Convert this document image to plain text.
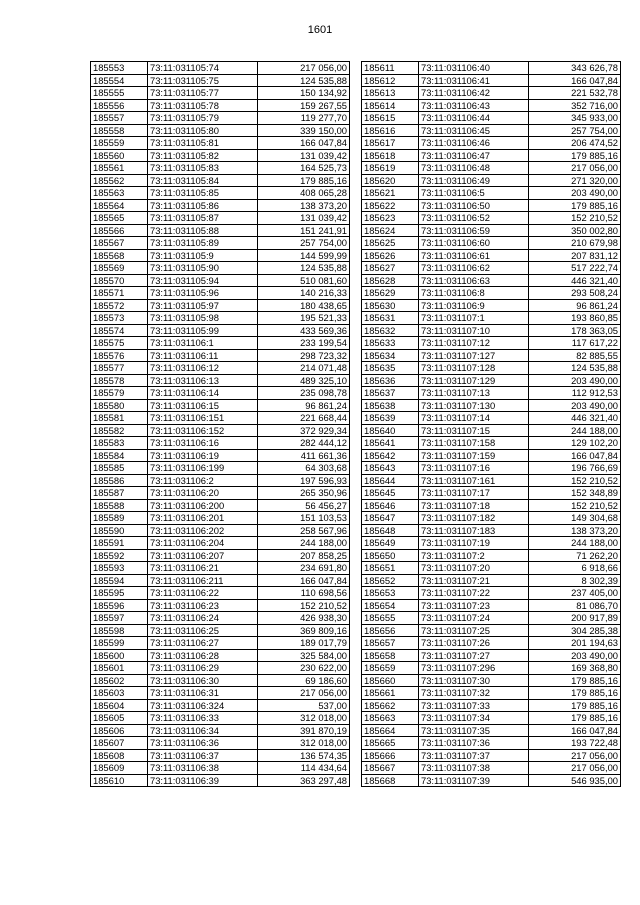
1601
185553	73:11:031105:74	217 056,00
185554	73:11:031105:75	124 535,88
185555	73:11:031105:77	150 134,92
185556	73:11:031105:78	159 267,55
185557	73:11:031105:79	119 277,70
185558	73:11:031105:80	339 150,00
185559	73:11:031105:81	166 047,84
185560	73:11:031105:82	131 039,42
185561	73:11:031105:83	164 525,73
185562	73:11:031105:84	179 885,16
185563	73:11:031105:85	408 065,28
185564	73:11:031105:86	138 373,20
185565	73:11:031105:87	131 039,42
185566	73:11:031105:88	151 241,91
185567	73:11:031105:89	257 754,00
185568	73:11:031105:9	144 599,99
185569	73:11:031105:90	124 535,88
185570	73:11:031105:94	510 081,60
185571	73:11:031105:96	140 216,33
185572	73:11:031105:97	180 438,65
185573	73:11:031105:98	195 521,33
185574	73:11:031105:99	433 569,36
185575	73:11:031106:1	233 199,54
185576	73:11:031106:11	298 723,32
185577	73:11:031106:12	214 071,48
185578	73:11:031106:13	489 325,10
185579	73:11:031106:14	235 098,78
185580	73:11:031106:15	96 861,24
185581	73:11:031106:151	221 668,44
185582	73:11:031106:152	372 929,34
185583	73:11:031106:16	282 444,12
185584	73:11:031106:19	411 661,36
185585	73:11:031106:199	64 303,68
185586	73:11:031106:2	197 596,93
185587	73:11:031106:20	265 350,96
185588	73:11:031106:200	56 456,27
185589	73:11:031106:201	151 103,53
185590	73:11:031106:202	258 567,96
185591	73:11:031106:204	244 188,00
185592	73:11:031106:207	207 858,25
185593	73:11:031106:21	234 691,80
185594	73:11:031106:211	166 047,84
185595	73:11:031106:22	110 698,56
185596	73:11:031106:23	152 210,52
185597	73:11:031106:24	426 938,30
185598	73:11:031106:25	369 809,16
185599	73:11:031106:27	189 017,79
185600	73:11:031106:28	325 584,00
185601	73:11:031106:29	230 622,00
185602	73:11:031106:30	69 186,60
185603	73:11:031106:31	217 056,00
185604	73:11:031106:324	537,00
185605	73:11:031106:33	312 018,00
185606	73:11:031106:34	391 870,19
185607	73:11:031106:36	312 018,00
185608	73:11:031106:37	136 574,35
185609	73:11:031106:38	114 434,64
185610	73:11:031106:39	363 297,48
185611	73:11:031106:40	343 626,78
185612	73:11:031106:41	166 047,84
185613	73:11:031106:42	221 532,78
185614	73:11:031106:43	352 716,00
185615	73:11:031106:44	345 933,00
185616	73:11:031106:45	257 754,00
185617	73:11:031106:46	206 474,52
185618	73:11:031106:47	179 885,16
185619	73:11:031106:48	217 056,00
185620	73:11:031106:49	271 320,00
185621	73:11:031106:5	203 490,00
185622	73:11:031106:50	179 885,16
185623	73:11:031106:52	152 210,52
185624	73:11:031106:59	350 002,80
185625	73:11:031106:60	210 679,98
185626	73:11:031106:61	207 831,12
185627	73:11:031106:62	517 222,74
185628	73:11:031106:63	446 321,40
185629	73:11:031106:8	293 508,24
185630	73:11:031106:9	96 861,24
185631	73:11:031107:1	193 860,85
185632	73:11:031107:10	178 363,05
185633	73:11:031107:12	117 617,22
185634	73:11:031107:127	82 885,55
185635	73:11:031107:128	124 535,88
185636	73:11:031107:129	203 490,00
185637	73:11:031107:13	112 912,53
185638	73:11:031107:130	203 490,00
185639	73:11:031107:14	446 321,40
185640	73:11:031107:15	244 188,00
185641	73:11:031107:158	129 102,20
185642	73:11:031107:159	166 047,84
185643	73:11:031107:16	196 766,69
185644	73:11:031107:161	152 210,52
185645	73:11:031107:17	152 348,89
185646	73:11:031107:18	152 210,52
185647	73:11:031107:182	149 304,68
185648	73:11:031107:183	138 373,20
185649	73:11:031107:19	244 188,00
185650	73:11:031107:2	71 262,20
185651	73:11:031107:20	6 918,66
185652	73:11:031107:21	8 302,39
185653	73:11:031107:22	237 405,00
185654	73:11:031107:23	81 086,70
185655	73:11:031107:24	200 917,89
185656	73:11:031107:25	304 285,38
185657	73:11:031107:26	201 194,63
185658	73:11:031107:27	203 490,00
185659	73:11:031107:296	169 368,80
185660	73:11:031107:30	179 885,16
185661	73:11:031107:32	179 885,16
185662	73:11:031107:33	179 885,16
185663	73:11:031107:34	179 885,16
185664	73:11:031107:35	166 047,84
185665	73:11:031107:36	193 722,48
185666	73:11:031107:37	217 056,00
185667	73:11:031107:38	217 056,00
185668	73:11:031107:39	546 935,00
